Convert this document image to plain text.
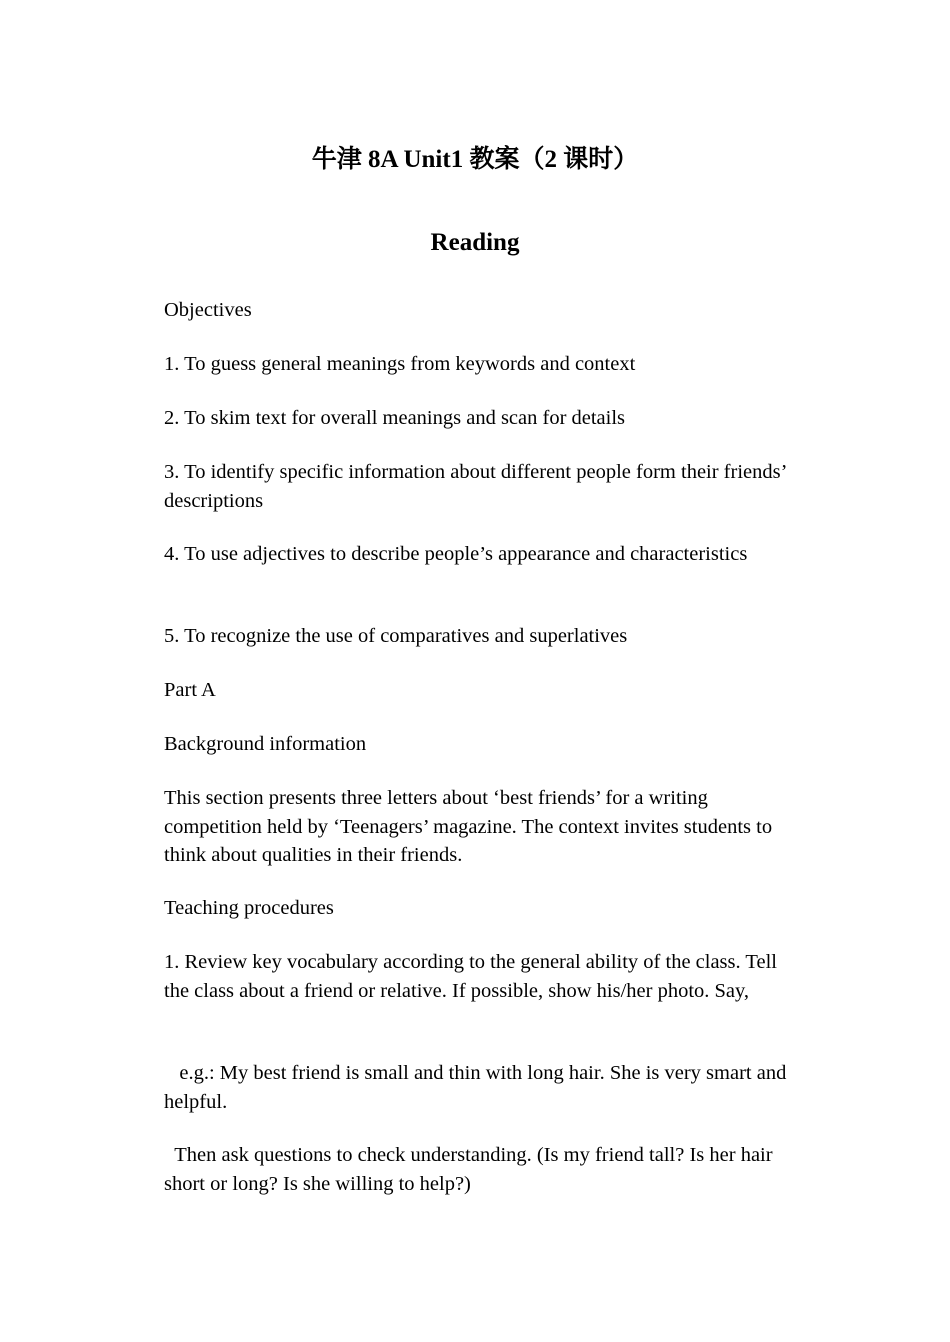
牛津 8A Unit1 教案（2 课时）
Reading

Objectives

1. To guess general meanings from keywords and context

2. To skim text for overall meanings and scan for details

3. To identify specific information about different people form their friends’ descriptions

4. To use adjectives to describe people’s appearance and characteristics

5. To recognize the use of comparatives and superlatives

Part A

Background information

This section presents three letters about ‘best friends’ for a writing competition held by ‘Teenagers’ magazine. The context invites students to think about qualities in their friends.

Teaching procedures

1. Review key vocabulary according to the general ability of the class. Tell the class about a friend or relative. If possible, show his/her photo. Say,

e.g.: My best friend is small and thin with long hair. She is very smart and helpful.

Then ask questions to check understanding. (Is my friend tall? Is her hair short or long? Is she willing to help?)
